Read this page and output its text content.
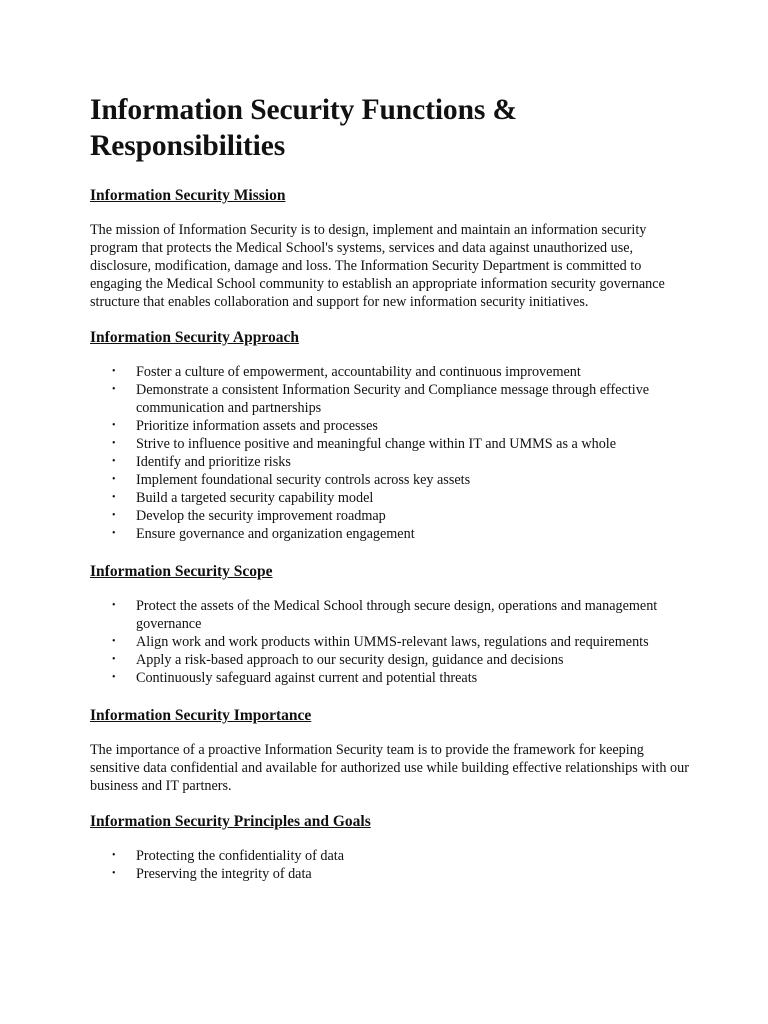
Information Security Functions & Responsibilities
Information Security Mission

The mission of Information Security is to design, implement and maintain an information security program that protects the Medical School's systems, services and data against unauthorized use, disclosure, modification, damage and loss. The Information Security Department is committed to engaging the Medical School community to establish an appropriate information security governance structure that enables collaboration and support for new information security initiatives.

Information Security Approach
• Foster a culture of empowerment, accountability and continuous improvement
• Demonstrate a consistent Information Security and Compliance message through effective communication and partnerships
• Prioritize information assets and processes
• Strive to influence positive and meaningful change within IT and UMMS as a whole
• Identify and prioritize risks
• Implement foundational security controls across key assets
• Build a targeted security capability model
• Develop the security improvement roadmap
• Ensure governance and organization engagement
Information Security Scope
• Protect the assets of the Medical School through secure design, operations and management governance
• Align work and work products within UMMS-relevant laws, regulations and requirements
• Apply a risk-based approach to our security design, guidance and decisions
• Continuously safeguard against current and potential threats
Information Security Importance

The importance of a proactive Information Security team is to provide the framework for keeping sensitive data confidential and available for authorized use while building effective relationships with our business and IT partners.

Information Security Principles and Goals
• Protecting the confidentiality of data
• Preserving the integrity of data
